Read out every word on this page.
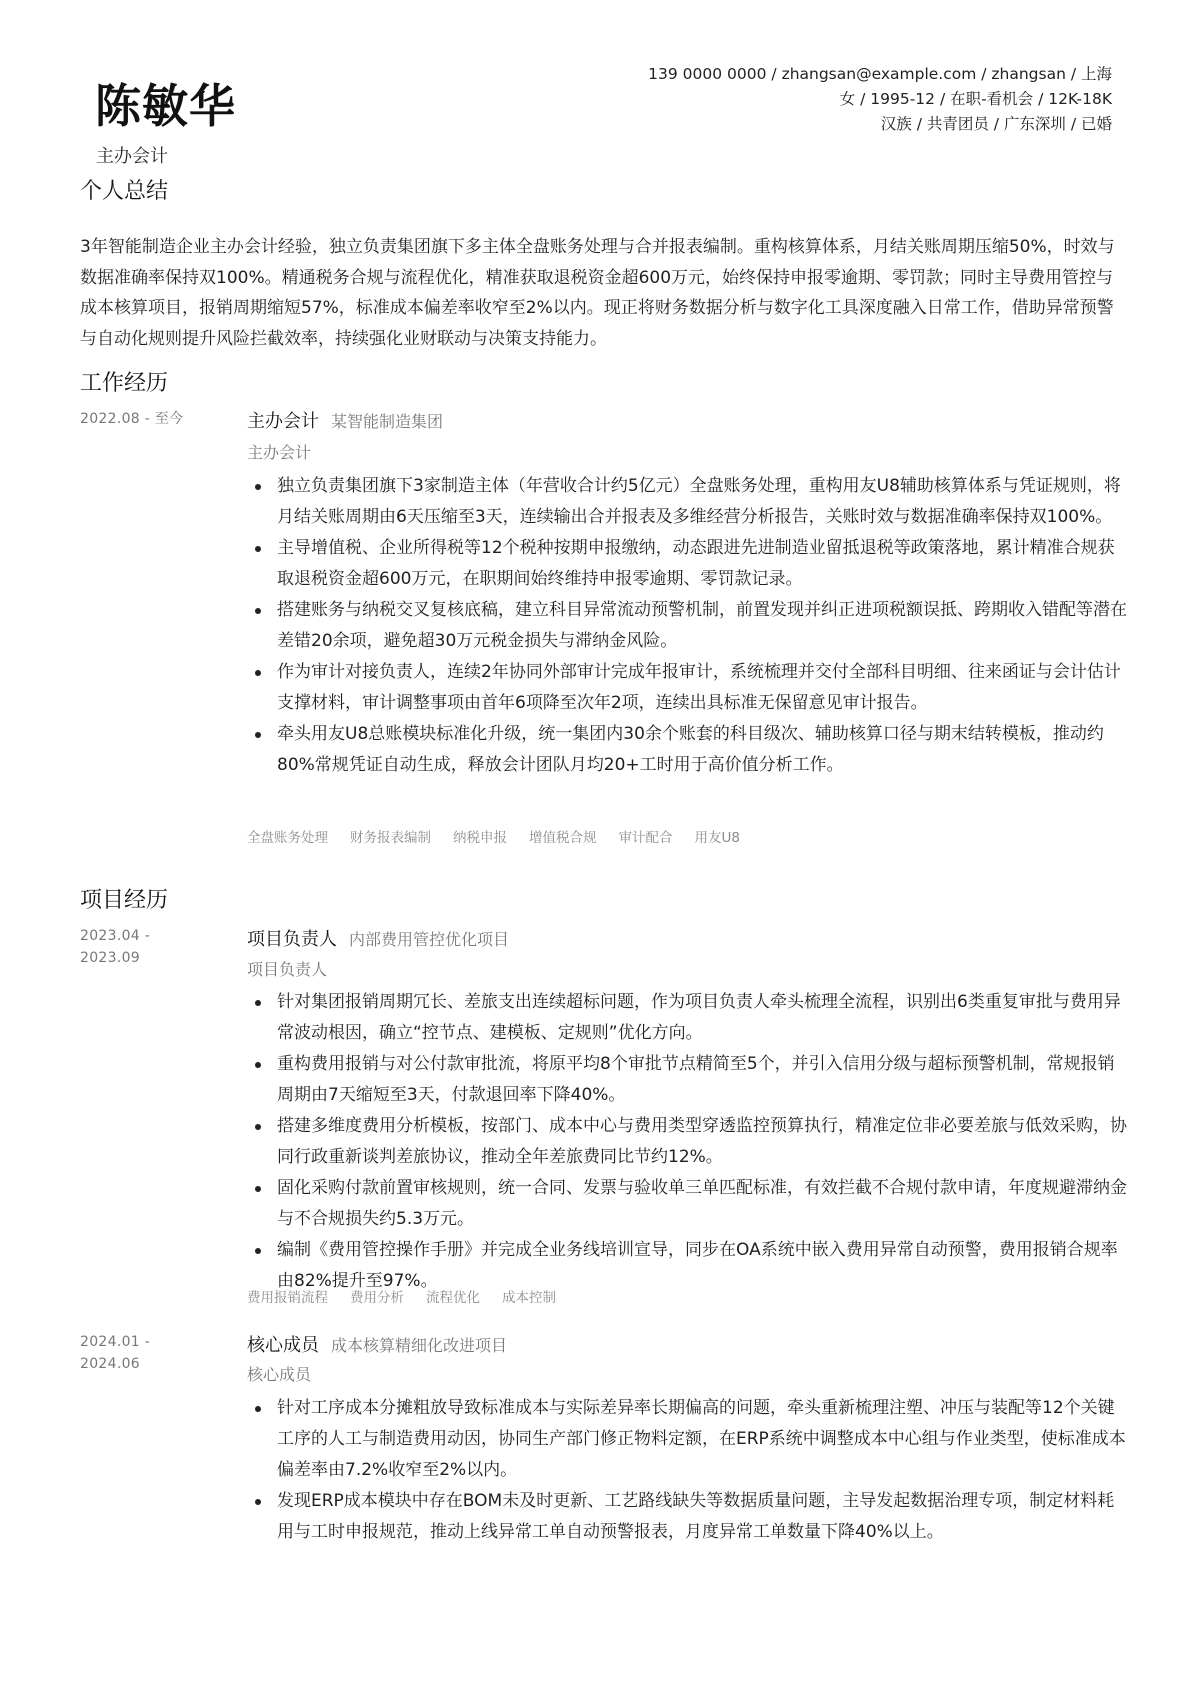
陈敏华
主办会计
139 0000 0000 / zhangsan@example.com / zhangsan / 上海
女 / 1995-12 / 在职-看机会 / 12K-18K
汉族 / 共青团员 / 广东深圳 / 已婚
个人总结
3年智能制造企业主办会计经验，独立负责集团旗下多主体全盘账务处理与合并报表编制。重构核算体系，月结关账周期压缩50%，时效与数据准确率保持双100%。精通税务合规与流程优化，精准获取退税资金超600万元，始终保持申报零逾期、零罚款；同时主导费用管控与成本核算项目，报销周期缩短57%，标准成本偏差率收窄至2%以内。现正将财务数据分析与数字化工具深度融入日常工作，借助异常预警与自动化规则提升风险拦截效率，持续强化业财联动与决策支持能力。
工作经历
2022.08 - 至今	主办会计 某智能制造集团
主办会计
独立负责集团旗下3家制造主体（年营收合计约5亿元）全盘账务处理，重构用友U8辅助核算体系与凭证规则，将月结关账周期由6天压缩至3天，连续输出合并报表及多维经营分析报告，关账时效与数据准确率保持双100%。
主导增值税、企业所得税等12个税种按期申报缴纳，动态跟进先进制造业留抵退税等政策落地，累计精准合规获取退税资金超600万元，在职期间始终维持申报零逾期、零罚款记录。
搭建账务与纳税交叉复核底稿，建立科目异常流动预警机制，前置发现并纠正进项税额误抵、跨期收入错配等潜在差错20余项，避免超30万元税金损失与滞纳金风险。
作为审计对接负责人，连续2年协同外部审计完成年报审计，系统梳理并交付全部科目明细、往来函证与会计估计支撑材料，审计调整事项由首年6项降至次年2项，连续出具标准无保留意见审计报告。
牵头用友U8总账模块标准化升级，统一集团内30余个账套的科目级次、辅助核算口径与期末结转模板，推动约80%常规凭证自动生成，释放会计团队月均20+工时用于高价值分析工作。
全盘账务处理 财务报表编制 纳税申报 增值税合规 审计配合 用友U8
项目经历
2023.04 -
2023.09
项目负责人 内部费用管控优化项目
项目负责人
针对集团报销周期冗长、差旅支出连续超标问题，作为项目负责人牵头梳理全流程，识别出6类重复审批与费用异常波动根因，确立“控节点、建模板、定规则”优化方向。
重构费用报销与对公付款审批流，将原平均8个审批节点精简至5个，并引入信用分级与超标预警机制，常规报销周期由7天缩短至3天，付款退回率下降40%。
搭建多维度费用分析模板，按部门、成本中心与费用类型穿透监控预算执行，精准定位非必要差旅与低效采购，协同行政重新谈判差旅协议，推动全年差旅费同比节约12%。
固化采购付款前置审核规则，统一合同、发票与验收单三单匹配标准，有效拦截不合规付款申请，年度规避滞纳金与不合规损失约5.3万元。
编制《费用管控操作手册》并完成全业务线培训宣导，同步在OA系统中嵌入费用异常自动预警，费用报销合规率由82%提升至97%。
费用报销流程 费用分析 流程优化 成本控制
2024.01 -
2024.06
核心成员 成本核算精细化改进项目
核心成员
针对工序成本分摊粗放导致标准成本与实际差异率长期偏高的问题，牵头重新梳理注塑、冲压与装配等12个关键工序的人工与制造费用动因，协同生产部门修正物料定额，在ERP系统中调整成本中心组与作业类型，使标准成本偏差率由7.2%收窄至2%以内。
发现ERP成本模块中存在BOM未及时更新、工艺路线缺失等数据质量问题，主导发起数据治理专项，制定材料耗用与工时申报规范，推动上线异常工单自动预警报表，月度异常工单数量下降40%以上。
